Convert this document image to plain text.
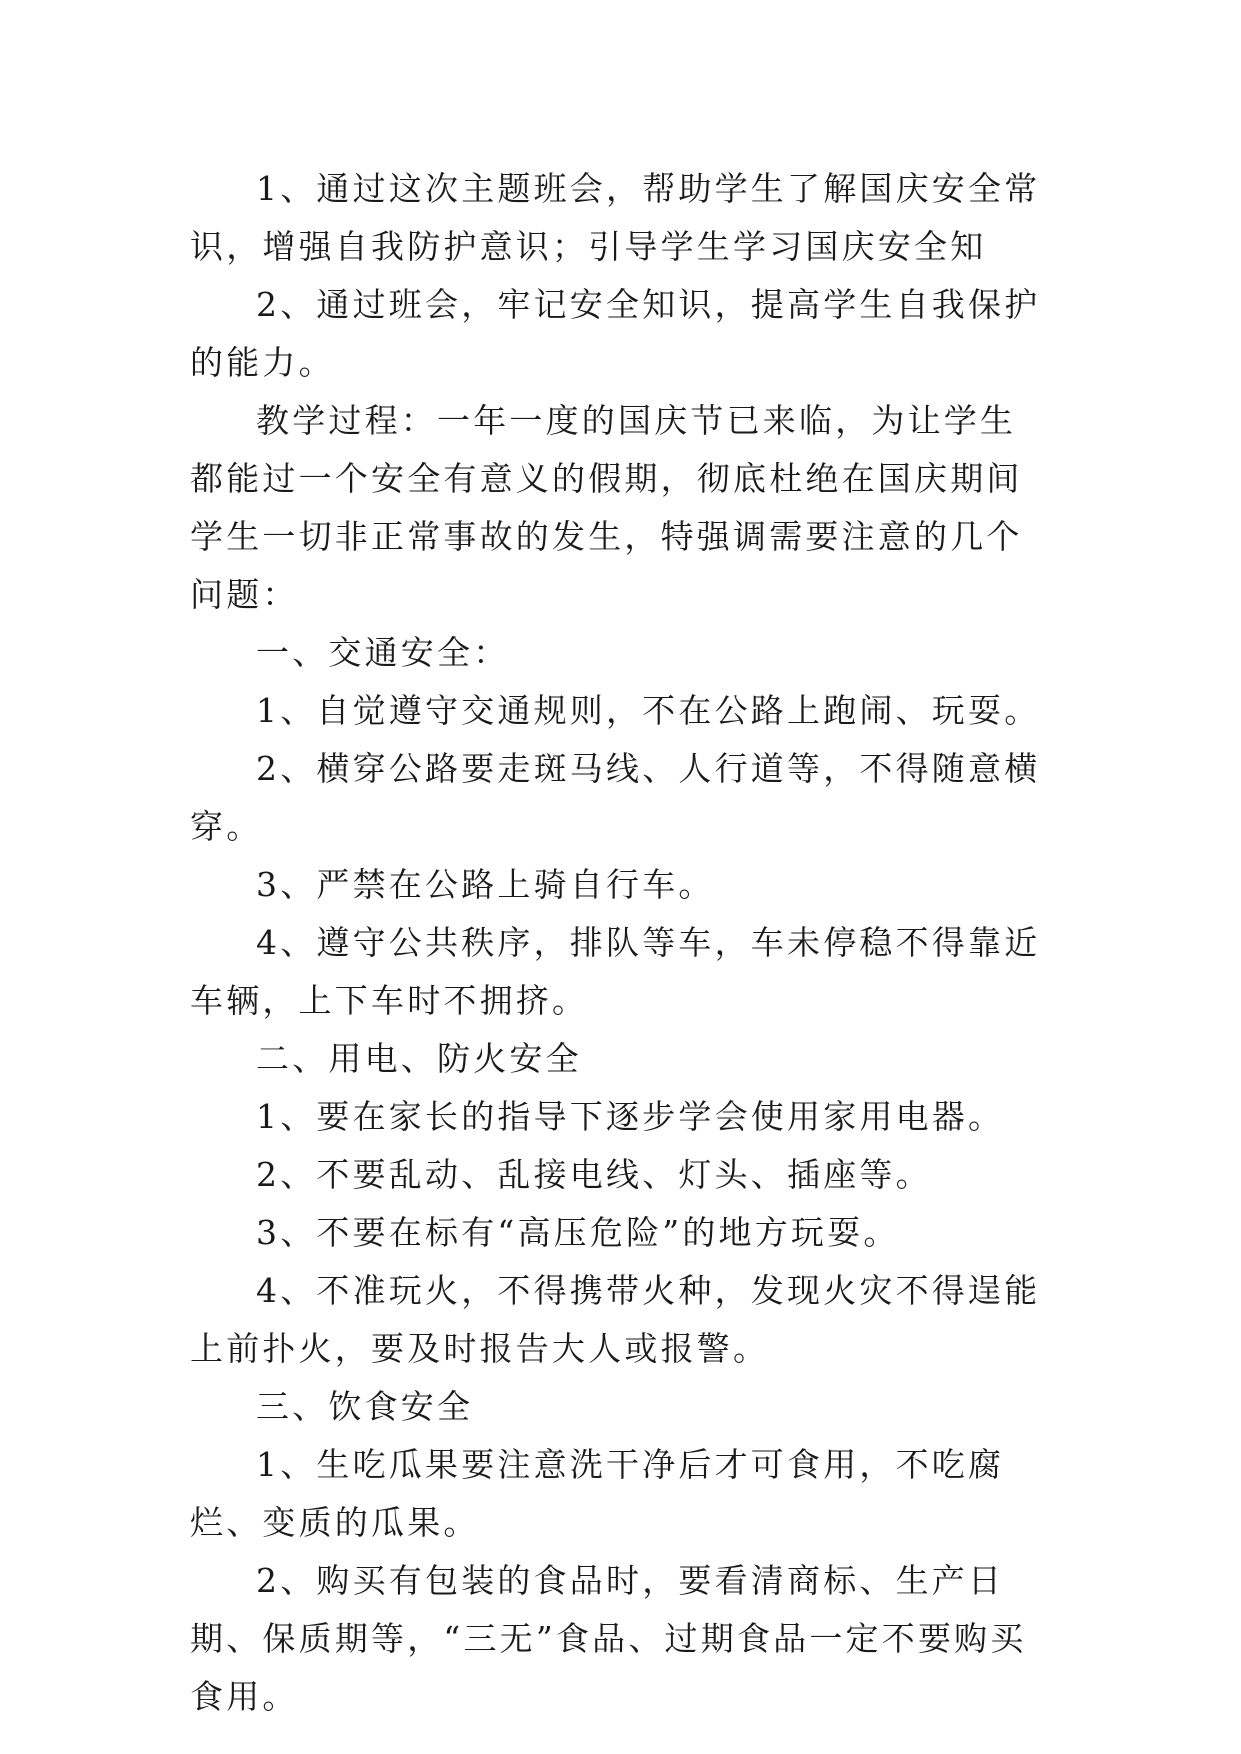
1、通过这次主题班会，帮助学生了解国庆安全常识，增强自我防护意识；引导学生学习国庆安全知

2、通过班会，牢记安全知识，提高学生自我保护的能力。

教学过程：一年一度的国庆节已来临，为让学生都能过一个安全有意义的假期，彻底杜绝在国庆期间学生一切非正常事故的发生，特强调需要注意的几个问题：

一、交通安全：

1、自觉遵守交通规则，不在公路上跑闹、玩耍。

2、横穿公路要走斑马线、人行道等，不得随意横穿。

3、严禁在公路上骑自行车。

4、遵守公共秩序，排队等车，车未停稳不得靠近车辆，上下车时不拥挤。

二、用电、防火安全

1、要在家长的指导下逐步学会使用家用电器。

2、不要乱动、乱接电线、灯头、插座等。

3、不要在标有“高压危险”的地方玩耍。

4、不准玩火，不得携带火种，发现火灾不得逞能上前扑火，要及时报告大人或报警。

三、饮食安全

1、生吃瓜果要注意洗干净后才可食用，不吃腐烂、变质的瓜果。

2、购买有包装的食品时，要看清商标、生产日期、保质期等，“三无”食品、过期食品一定不要购买食用。
